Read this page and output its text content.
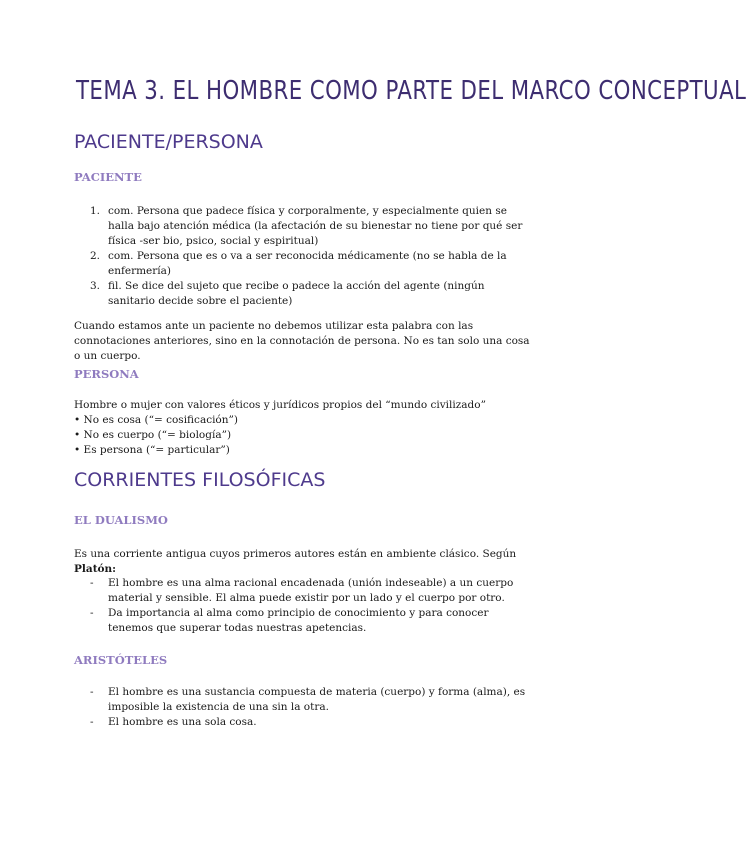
TEMA 3. EL HOMBRE COMO PARTE DEL MARCO CONCEPTUAL
PACIENTE/PERSONA
PACIENTE
1. com. Persona que padece física y corporalmente, y especialmente quien se halla bajo atención médica (la afectación de su bienestar no tiene por qué ser física -ser bio, psico, social y espiritual)
2. com. Persona que es o va a ser reconocida médicamente (no se habla de la enfermería)
3. fil. Se dice del sujeto que recibe o padece la acción del agente (ningún sanitario decide sobre el paciente)

Cuando estamos ante un paciente no debemos utilizar esta palabra con las connotaciones anteriores, sino en la connotación de persona. No es tan solo una cosa o un cuerpo.

PERSONA

Hombre o mujer con valores éticos y jurídicos propios del “mundo civilizado”

• No es cosa (“= cosificación”)
• No es cuerpo (“= biología”)
• Es persona (“= particular”)
CORRIENTES FILOSÓFICAS
EL DUALISMO

Es una corriente antigua cuyos primeros autores están en ambiente clásico. Según Platón:

- El hombre es una alma racional encadenada (unión indeseable) a un cuerpo material y sensible. El alma puede existir por un lado y el cuerpo por otro.
- Da importancia al alma como principio de conocimiento y para conocer tenemos que superar todas nuestras apetencias.
ARISTÓTELES
- El hombre es una sustancia compuesta de materia (cuerpo) y forma (alma), es imposible la existencia de una sin la otra.
- El hombre es una sola cosa.
